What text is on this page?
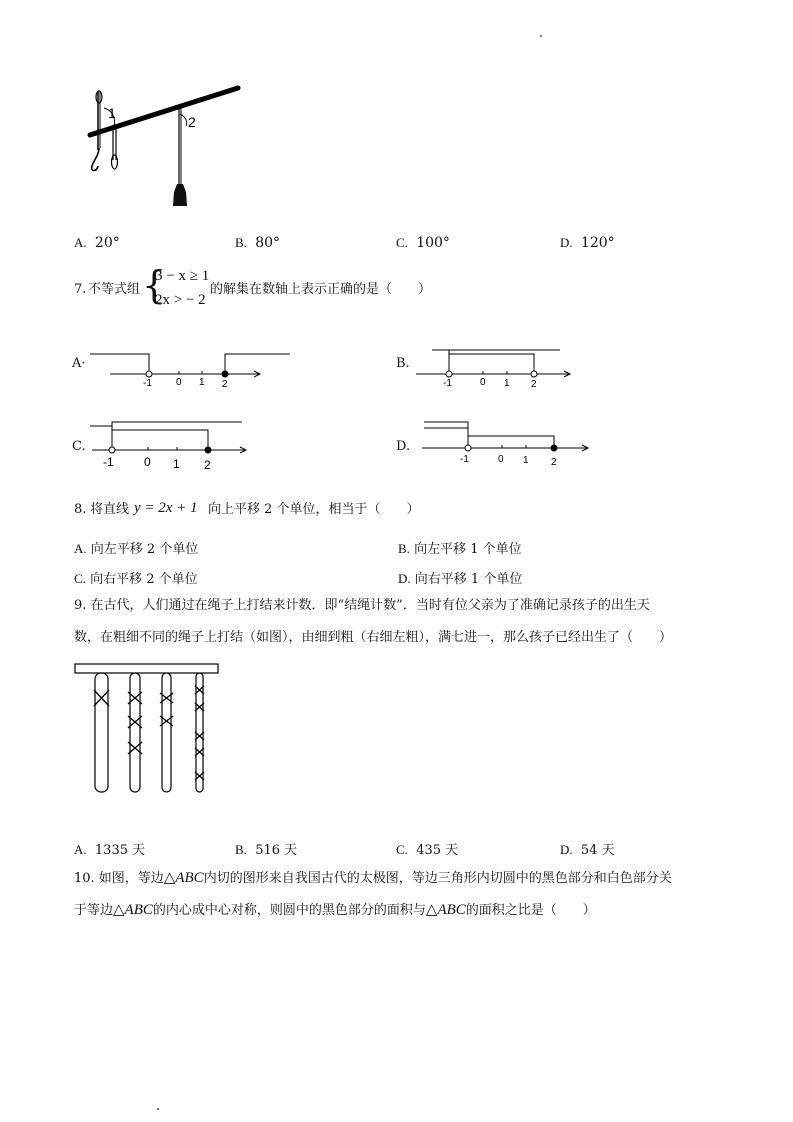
1
2
A. 20°	B. 80°	C. 100°	D. 120°
7. 不等式组 {
3 − x ≥ 1
2x > − 2
的解集在数轴上表示正确的是（　　）
A·
-1 0 1 2
B.
-1	0 1 2
C.
-1	0 1 2
D.
-1	0 1 2
8. 将直线 y = 2x + 1 向上平移 2 个单位，相当于（　　）
A. 向左平移 2 个单位	B. 向左平移 1 个单位
C. 向右平移 2 个单位	D. 向右平移 1 个单位
9. 在古代，人们通过在绳子上打结来计数．即“结绳计数”．当时有位父亲为了准确记录孩子的出生天
数，在粗细不同的绳子上打结（如图），由细到粗（右细左粗），满七进一，那么孩子已经出生了（　　）
A. 1335 天	B. 516 天	C. 435 天	D. 54 天
10. 如图，等边△ABC内切的图形来自我国古代的太极图，等边三角形内切圆中的黑色部分和白色部分关
于等边△ABC的内心成中心对称，则圆中的黑色部分的面积与△ABC的面积之比是（　　）
